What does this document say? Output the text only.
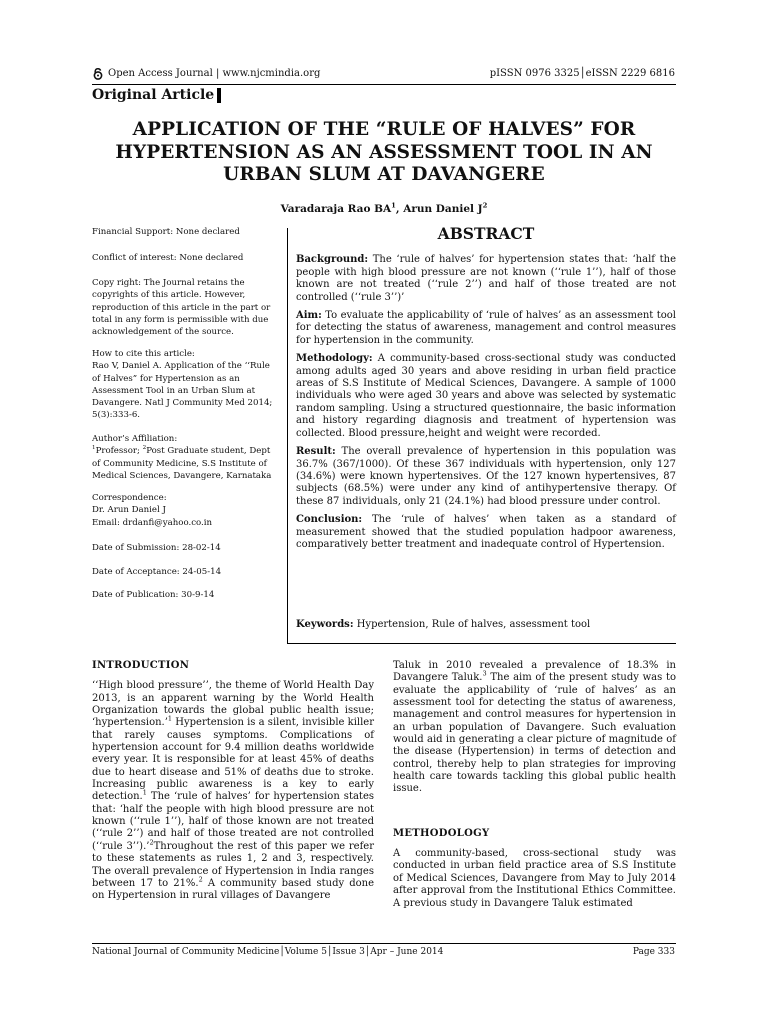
Open Access Journal | www.njcmindia.org	pISSN 0976 3325│eISSN 2229 6816
Original Article
APPLICATION OF THE “RULE OF HALVES” FOR HYPERTENSION AS AN ASSESSMENT TOOL IN AN URBAN SLUM AT DAVANGERE
Varadaraja Rao $BA^1$, Arun Daniel $J^2$
Financial Support: None declared
Conflict of interest: None declared
Copy right: The Journal retains the copyrights of this article. However, reproduction of this article in the part or total in any form is permissible with due acknowledgement of the source.

How to cite this article:

Rao V, Daniel A. Application of the ‘‘Rule of Halves” for Hypertension as an Assessment Tool in an Urban Slum at Davangere. Natl J Community Med 2014; 5(3):333-6.

Author’s Affiliation:

$^1$Professor; $^2$Post Graduate student, Dept of Community Medicine, S.S Institute of Medical Sciences, Davangere, Karnataka

Correspondence:

Dr. Arun Daniel J

Email: drdanfi@yahoo.co.in

Date of Submission: 28-02-14
Date of Acceptance: 24-05-14
Date of Publication: 30-9-14
ABSTRACT

Background: The ‘rule of halves’ for hypertension states that: ‘half the people with high blood pressure are not known (‘‘rule 1’’), half of those known are not treated (‘‘rule 2’’) and half of those treated are not controlled (‘‘rule 3’’)’

Aim: To evaluate the applicability of ‘rule of halves’ as an assessment tool for detecting the status of awareness, management and control measures for hypertension in the community.

Methodology: A community-based cross-sectional study was conducted among adults aged 30 years and above residing in urban field practice areas of S.S Institute of Medical Sciences, Davangere. A sample of 1000 individuals who were aged 30 years and above was selected by systematic random sampling. Using a structured questionnaire, the basic information and history regarding diagnosis and treatment of hypertension was collected. Blood pressure,height and weight were recorded.

Result: The overall prevalence of hypertension in this population was 36.7% (367/1000). Of these 367 individuals with hypertension, only 127 (34.6%) were known hypertensives. Of the 127 known hypertensives, 87 subjects (68.5%) were under any kind of antihypertensive therapy. Of these 87 individuals, only 21 (24.1%) had blood pressure under control.

Conclusion: The ‘rule of halves’ when taken as a standard of measurement showed that the studied population hadpoor awareness, comparatively better treatment and inadequate control of Hypertension.

Keywords: Hypertension, Rule of halves, assessment tool
INTRODUCTION

‘‘High blood pressure’’, the theme of World Health Day 2013, is an apparent warning by the World Health Organization towards the global public health issue; ‘hypertension.’$^1$ Hypertension is a silent, invisible killer that rarely causes symptoms. Complications of hypertension account for 9.4 million deaths worldwide every year. It is responsible for at least 45% of deaths due to heart disease and 51% of deaths due to stroke. Increasing public awareness is a key to early detection.$^1$ The ‘rule of halves’ for hypertension states that: ‘half the people with high blood pressure are not known (‘‘rule 1’’), half of those known are not treated (‘‘rule 2’’) and half of those treated are not controlled (‘‘rule 3’’).’$^2$Throughout the rest of this paper we refer to these statements as rules 1, 2 and 3, respectively. The overall prevalence of Hypertension in India ranges between 17 to 21%.$^2$ A community based study done on Hypertension in rural villages of Davangere

Taluk in 2010 revealed a prevalence of 18.3% in Davangere Taluk.$^3$ The aim of the present study was to evaluate the applicability of ‘rule of halves’ as an assessment tool for detecting the status of awareness, management and control measures for hypertension in an urban population of Davangere. Such evaluation would aid in generating a clear picture of magnitude of the disease (Hypertension) in terms of detection and control, thereby help to plan strategies for improving health care towards tackling this global public health issue.

METHODOLOGY

A community-based, cross-sectional study was conducted in urban field practice area of S.S Institute of Medical Sciences, Davangere from May to July 2014 after approval from the Institutional Ethics Committee. A previous study in Davangere Taluk estimated

National Journal of Community Medicine│Volume 5│Issue 3│Apr – June 2014	Page 333
